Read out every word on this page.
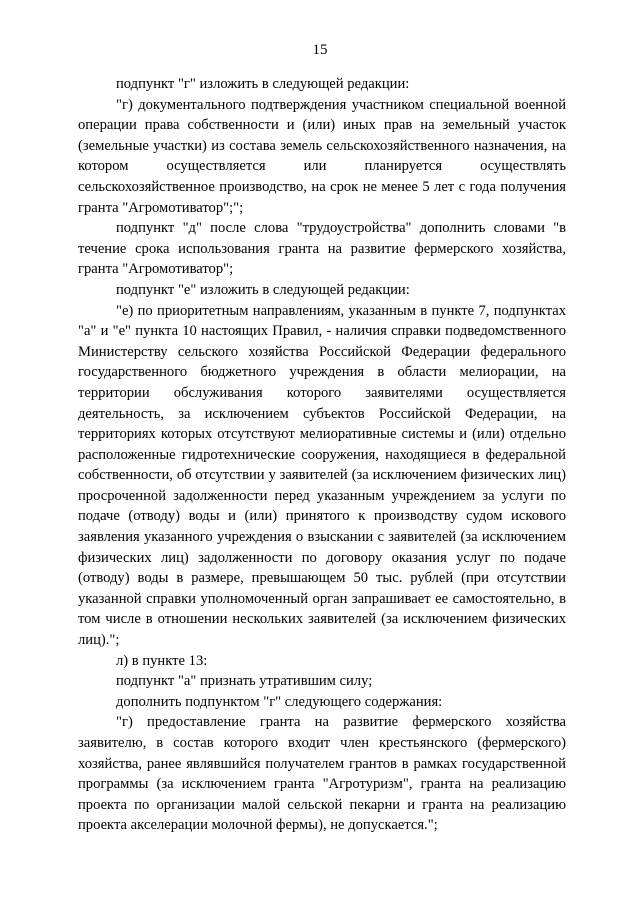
15

подпункт "г" изложить в следующей редакции:

"г) документального подтверждения участником специальной военной операции права собственности и (или) иных прав на земельный участок (земельные участки) из состава земель сельскохозяйственного назначения, на котором осуществляется или планируется осуществлять сельскохозяйственное производство, на срок не менее 5 лет с года получения гранта "Агромотиватор";";

подпункт "д" после слова "трудоустройства" дополнить словами "в течение срока использования гранта на развитие фермерского хозяйства, гранта "Агромотиватор";

подпункт "е" изложить в следующей редакции:

"е) по приоритетным направлениям, указанным в пункте 7, подпунктах "а" и "е" пункта 10 настоящих Правил, - наличия справки подведомственного Министерству сельского хозяйства Российской Федерации федерального государственного бюджетного учреждения в области мелиорации, на территории обслуживания которого заявителями осуществляется деятельность, за исключением субъектов Российской Федерации, на территориях которых отсутствуют мелиоративные системы и (или) отдельно расположенные гидротехнические сооружения, находящиеся в федеральной собственности, об отсутствии у заявителей (за исключением физических лиц) просроченной задолженности перед указанным учреждением за услуги по подаче (отводу) воды и (или) принятого к производству судом искового заявления указанного учреждения о взыскании с заявителей (за исключением физических лиц) задолженности по договору оказания услуг по подаче (отводу) воды в размере, превышающем 50 тыс. рублей (при отсутствии указанной справки уполномоченный орган запрашивает ее самостоятельно, в том числе в отношении нескольких заявителей (за исключением физических лиц).";

л) в пункте 13:

подпункт "а" признать утратившим силу;

дополнить подпунктом "г" следующего содержания:

"г) предоставление гранта на развитие фермерского хозяйства заявителю, в состав которого входит член крестьянского (фермерского) хозяйства, ранее являвшийся получателем грантов в рамках государственной программы (за исключением гранта "Агротуризм", гранта на реализацию проекта по организации малой сельской пекарни и гранта на реализацию проекта акселерации молочной фермы), не допускается.";
